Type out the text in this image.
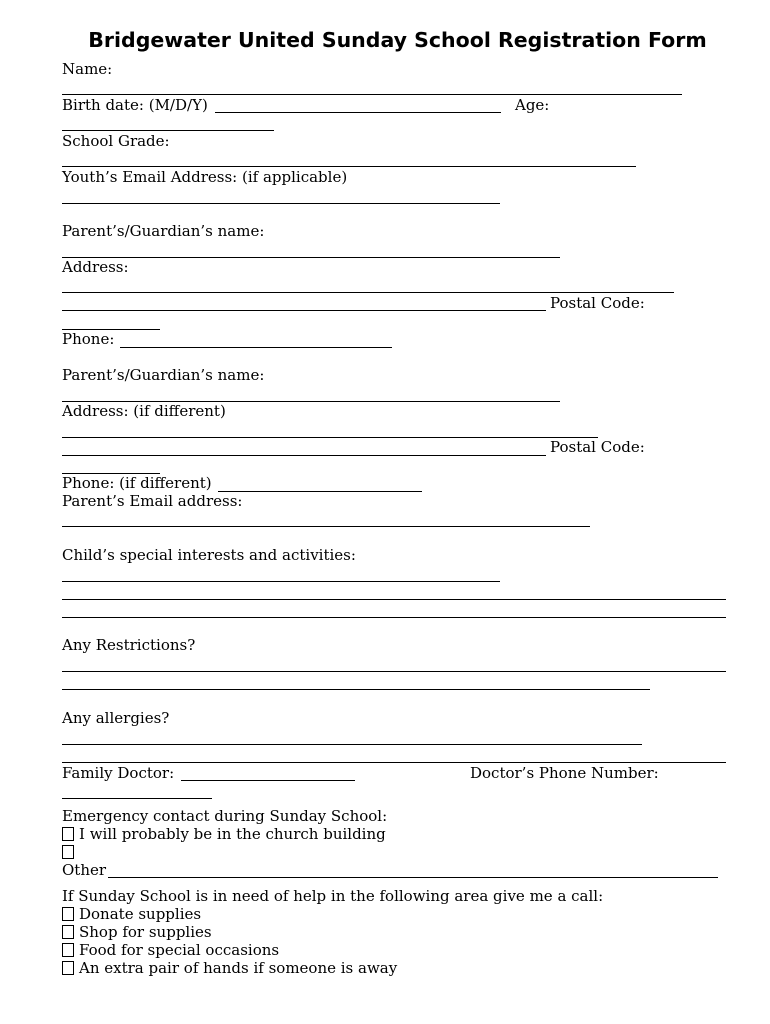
Bridgewater United Sunday School Registration Form
Name:
Birth date: (M/D/Y)	Age:
School Grade:
Youth’s Email Address: (if applicable)
Parent’s/Guardian’s name:
Address:
Postal Code:
Phone:
Parent’s/Guardian’s name:
Address: (if different)
Postal Code:
Phone: (if different)
Parent’s Email address:
Child’s special interests and activities:
Any Restrictions?
Any allergies?
Family Doctor:	Doctor’s Phone Number:
Emergency contact during Sunday School:
I will probably be in the church building
Other
If Sunday School is in need of help in the following area give me a call:
Donate supplies
Shop for supplies
Food for special occasions
An extra pair of hands if someone is away
